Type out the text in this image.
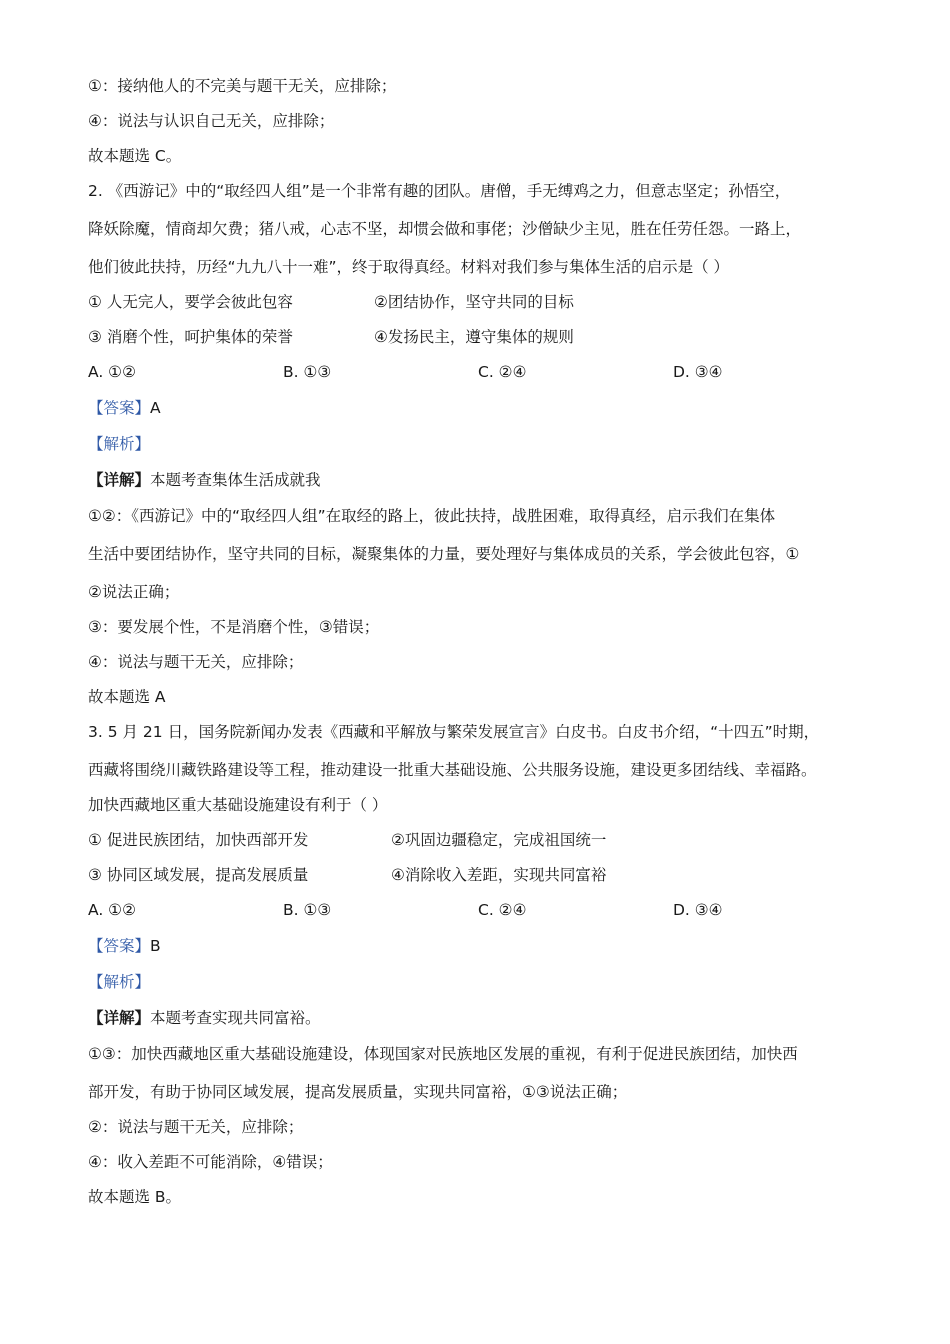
①：接纳他人的不完美与题干无关，应排除；

④：说法与认识自己无关，应排除；

故本题选 C。

2. 《西游记》中的“取经四人组”是一个非常有趣的团队。唐僧，手无缚鸡之力，但意志坚定；孙悟空，

降妖除魔，情商却欠费；猪八戒，心志不坚，却惯会做和事佬；沙僧缺少主见，胜在任劳任怨。一路上，

他们彼此扶持，历经“九九八十一难”，终于取得真经。材料对我们参与集体生活的启示是（ ）

① 人无完人，要学会彼此包容	②团结协作，坚守共同的目标
③ 消磨个性，呵护集体的荣誉	④发扬民主，遵守集体的规则
A. ①②	B. ①③	C. ②④	D. ③④

【答案】A

【解析】

【详解】本题考查集体生活成就我

①②：《西游记》中的“取经四人组”在取经的路上，彼此扶持，战胜困难，取得真经，启示我们在集体

生活中要团结协作，坚守共同的目标，凝聚集体的力量，要处理好与集体成员的关系，学会彼此包容，①

②说法正确；

③：要发展个性，不是消磨个性，③错误；

④：说法与题干无关，应排除；

故本题选 A

3. 5 月 21 日，国务院新闻办发表《西藏和平解放与繁荣发展宣言》白皮书。白皮书介绍，“十四五”时期，

西藏将围绕川藏铁路建设等工程，推动建设一批重大基础设施、公共服务设施，建设更多团结线、幸福路。

加快西藏地区重大基础设施建设有利于（ ）

① 促进民族团结，加快西部开发	②巩固边疆稳定，完成祖国统一
③ 协同区域发展，提高发展质量	④消除收入差距，实现共同富裕
A. ①②	B. ①③	C. ②④	D. ③④

【答案】B

【解析】

【详解】本题考查实现共同富裕。

①③：加快西藏地区重大基础设施建设，体现国家对民族地区发展的重视，有利于促进民族团结，加快西

部开发，有助于协同区域发展，提高发展质量，实现共同富裕，①③说法正确；

②：说法与题干无关，应排除；

④：收入差距不可能消除，④错误；

故本题选 B。
